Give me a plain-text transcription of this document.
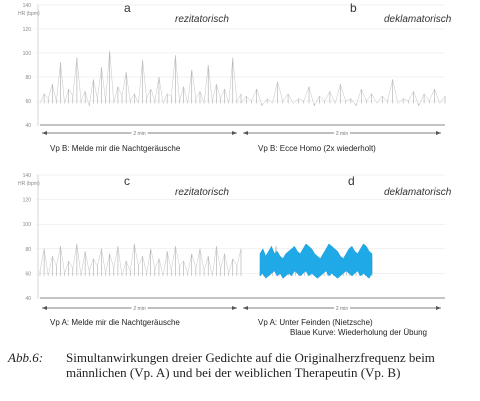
a
rezitatorisch
HR (bpm)
140
120
100
80
60
40
2 min
Vp B: Melde mir die Nachtgeräusche
b
deklamatorisch
2 min
Vp B: Ecce Homo (2x wiederholt)
c
rezitatorisch
HR (bpm)
140
120
100
80
60
40
2 min
Vp A: Melde mir die Nachtgeräusche
d
deklamatorisch
2 min
Vp A: Unter Feinden (Nietzsche)
Blaue Kurve: Wiederholung der Übung
Abb.6: Simultanwirkungen dreier Gedichte auf die Originalherzfrequenz beim männlichen (Vp. A) und bei der weiblichen Therapeutin (Vp. B)
